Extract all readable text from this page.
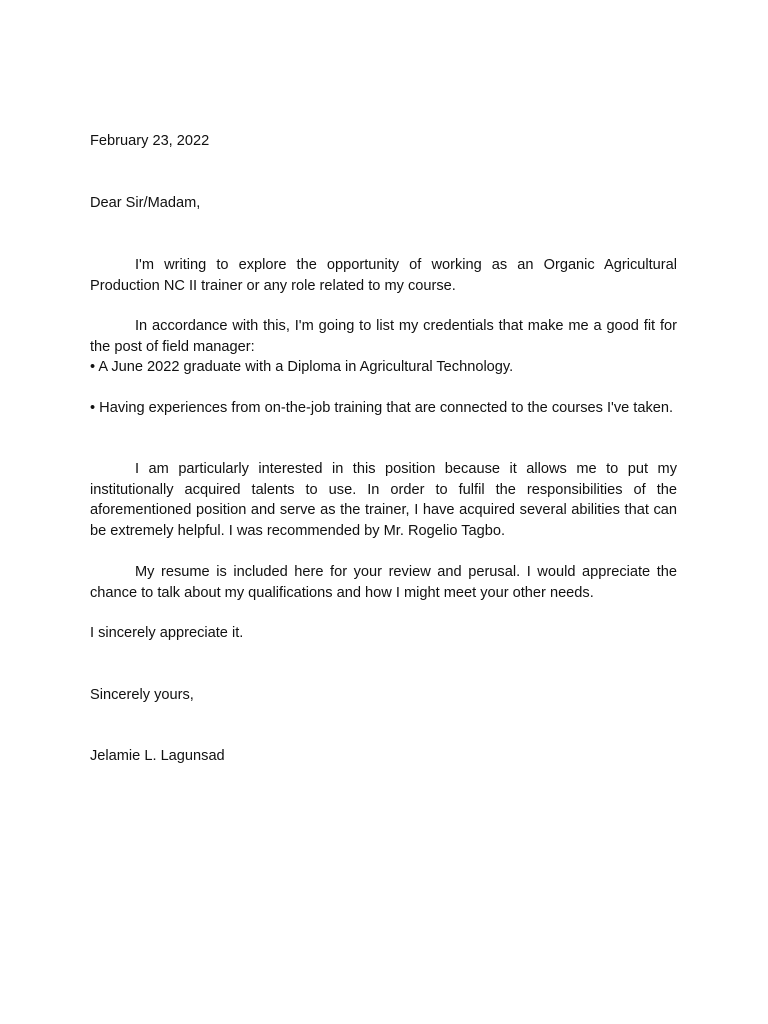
February 23, 2022

Dear Sir/Madam,

I'm writing to explore the opportunity of working as an Organic Agricultural Production NC II trainer or any role related to my course.

In accordance with this, I'm going to list my credentials that make me a good fit for the post of field manager:

• A June 2022 graduate with a Diploma in Agricultural Technology.

• Having experiences from on-the-job training that are connected to the courses I've taken.

I am particularly interested in this position because it allows me to put my institutionally acquired talents to use. In order to fulfil the responsibilities of the aforementioned position and serve as the trainer, I have acquired several abilities that can be extremely helpful. I was recommended by Mr. Rogelio Tagbo.

My resume is included here for your review and perusal. I would appreciate the chance to talk about my qualifications and how I might meet your other needs.

I sincerely appreciate it.

Sincerely yours,

Jelamie L. Lagunsad
